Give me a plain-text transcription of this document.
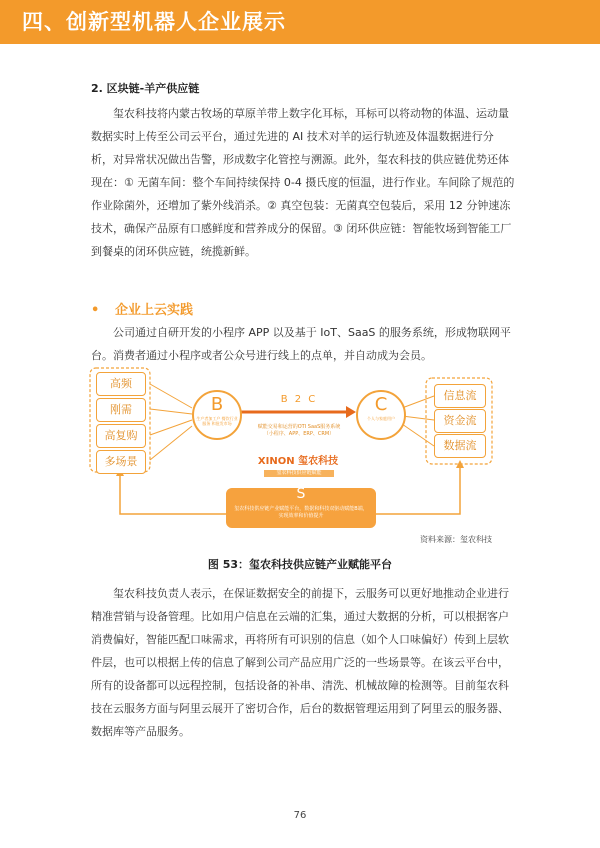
四、创新型机器人企业展示
2. 区块链-羊产供应链
玺农科技将内蒙古牧场的草原羊带上数字化耳标，耳标可以将动物的体温、运动量数据实时上传至公司云平台，通过先进的 AI 技术对羊的运行轨迹及体温数据进行分析，对异常状况做出告警，形成数字化管控与溯源。此外，玺农科技的供应链优势还体现在：① 无菌车间：整个车间持续保持 0-4 摄氏度的恒温，进行作业。车间除了规范的作业除菌外，还增加了紫外线消杀。② 真空包装：无菌真空包装后，采用 12 分钟速冻技术，确保产品原有口感鲜度和营养成分的保留。③ 闭环供应链：智能牧场到智能工厂到餐桌的闭环供应链，统揽新鲜。
• 企业上云实践
公司通过自研开发的小程序 APP 以及基于 IoT、SaaS 的服务系统，形成物联网平台。消费者通过小程序或者公众号进行线上的点单，并自动成为会员。
高频
刚需
高复购
多场景
B
生产者加工户 餐饮行业服务 和批发市场
B 2 C
赋能交易和运营的OTI SaaS服务系统（小程序、APP、ERP、CRM）
XINON 玺农科技
玺农科技供应链赋能
C
个人与家庭用户
信息流
资金流
数据流
S
玺农科技供应链产业赋能平台，数据和科技双驱动赋能B端，实现效率和价值提升
资料来源：玺农科技
图 53：玺农科技供应链产业赋能平台
玺农科技负责人表示，在保证数据安全的前提下，云服务可以更好地推动企业进行精准营销与设备管理。比如用户信息在云端的汇集，通过大数据的分析，可以根据客户消费偏好，智能匹配口味需求，再将所有可识别的信息（如个人口味偏好）传到上层软件层，也可以根据上传的信息了解到公司产品应用广泛的一些场景等。在该云平台中，所有的设备都可以远程控制，包括设备的补串、清洗、机械故障的检测等。目前玺农科技在云服务方面与阿里云展开了密切合作，后台的数据管理运用到了阿里云的服务器、数据库等产品服务。
76
